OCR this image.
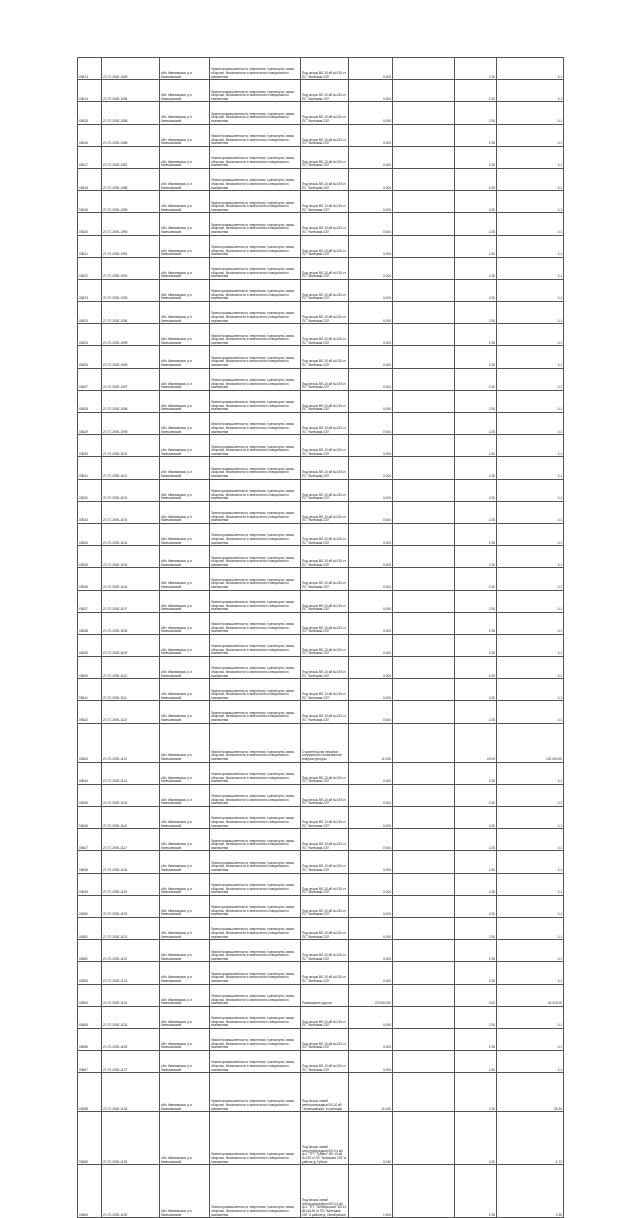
03613	27-07-2000-1083	обл. Ивановская, р-н Кинешемский	Земли промышленности, энергетики, транспорта, связи, обороны, безопасности и земли иного специального назначения	Под опоры ВЛ-10 кВ №130 от ПС "Кинешма 220"	0,004		2,30	0,1
03614	27-07-2000-1084	обл. Ивановская, р-н Кинешемский	Земли промышленности, энергетики, транспорта, связи, обороны, безопасности и земли иного специального назначения	Под опоры ВЛ-10 кВ №130 от ПС "Кинешма 220"	0,004		2,30	0,1
03615	27-07-2000-1085	обл. Ивановская, р-н Кинешемский	Земли промышленности, энергетики, транспорта, связи, обороны, безопасности и земли иного специального назначения	Под опоры ВЛ-10 кВ №130 от ПС "Кинешма 220"	0,004		2,30	0,1
03616	27-07-2000-1086	обл. Ивановская, р-н Кинешемский	Земли промышленности, энергетики, транспорта, связи, обороны, безопасности и земли иного специального назначения	Под опоры ВЛ-10 кВ №130 от ПС "Кинешма 220"	0,004		2,30	0,1
03617	27-07-2000-1087	обл. Ивановская, р-н Кинешемский	Земли промышленности, энергетики, транспорта, связи, обороны, безопасности и земли иного специального назначения	Под опоры ВЛ-10 кВ №130 от ПС "Кинешма 220"	0,004		2,30	0,1
03618	27-07-2000-1088	обл. Ивановская, р-н Кинешемский	Земли промышленности, энергетики, транспорта, связи, обороны, безопасности и земли иного специального назначения	Под опоры ВЛ-10 кВ №130 от ПС "Кинешма 220"	0,004		2,30	0,1
03619	27-07-2000-1089	обл. Ивановская, р-н Кинешемский	Земли промышленности, энергетики, транспорта, связи, обороны, безопасности и земли иного специального назначения	Под опоры ВЛ-10 кВ №130 от ПС "Кинешма 220"	0,004		2,30	0,1
03620	27-07-2000-1090	обл. Ивановская, р-н Кинешемский	Земли промышленности, энергетики, транспорта, связи, обороны, безопасности и земли иного специального назначения	Под опоры ВЛ-10 кВ №130 от ПС "Кинешма 220"	0,004		2,30	0,1
03621	27-07-2000-1091	обл. Ивановская, р-н Кинешемский	Земли промышленности, энергетики, транспорта, связи, обороны, безопасности и земли иного специального назначения	Под опоры ВЛ-10 кВ №130 от ПС "Кинешма 220"	0,004		2,30	0,1
03622	27-07-2000-1092	обл. Ивановская, р-н Кинешемский	Земли промышленности, энергетики, транспорта, связи, обороны, безопасности и земли иного специального назначения	Под опоры ВЛ-10 кВ №130 от ПС "Кинешма 220"	0,004		2,30	0,1
03623	27-07-2000-1093	обл. Ивановская, р-н Кинешемский	Земли промышленности, энергетики, транспорта, связи, обороны, безопасности и земли иного специального назначения	Под опоры ВЛ-10 кВ №130 от ПС "Кинешма 220"	0,004		2,30	0,1
03624	27-07-2000-1094	обл. Ивановская, р-н Кинешемский	Земли промышленности, энергетики, транспорта, связи, обороны, безопасности и земли иного специального назначения	Под опоры ВЛ-10 кВ №130 от ПС "Кинешма 220"	0,004		2,30	0,1
03625	27-07-2000-1095	обл. Ивановская, р-н Кинешемский	Земли промышленности, энергетики, транспорта, связи, обороны, безопасности и земли иного специального назначения	Под опоры ВЛ-10 кВ №130 от ПС "Кинешма 220"	0,004		2,30	0,1
03626	27-07-2000-1096	обл. Ивановская, р-н Кинешемский	Земли промышленности, энергетики, транспорта, связи, обороны, безопасности и земли иного специального назначения	Под опоры ВЛ-10 кВ №130 от ПС "Кинешма 220"	0,004		2,30	0,1
03627	27-07-2000-1097	обл. Ивановская, р-н Кинешемский	Земли промышленности, энергетики, транспорта, связи, обороны, безопасности и земли иного специального назначения	Под опоры ВЛ-10 кВ №130 от ПС "Кинешма 220"	0,004		2,30	0,1
03628	27-07-2000-1098	обл. Ивановская, р-н Кинешемский	Земли промышленности, энергетики, транспорта, связи, обороны, безопасности и земли иного специального назначения	Под опоры ВЛ-10 кВ №130 от ПС "Кинешма 220"	0,004		2,30	0,1
03629	27-07-2000-1099	обл. Ивановская, р-н Кинешемский	Земли промышленности, энергетики, транспорта, связи, обороны, безопасности и земли иного специального назначения	Под опоры ВЛ-10 кВ №130 от ПС "Кинешма 220"	0,004		2,30	0,1
03630	27-07-2000-1100	обл. Ивановская, р-н Кинешемский	Земли промышленности, энергетики, транспорта, связи, обороны, безопасности и земли иного специального назначения	Под опоры ВЛ-10 кВ №130 от ПС "Кинешма 220"	0,004		2,30	0,1
03631	27-07-2000-1101	обл. Ивановская, р-н Кинешемский	Земли промышленности, энергетики, транспорта, связи, обороны, безопасности и земли иного специального назначения	Под опоры ВЛ-10 кВ №130 от ПС "Кинешма 220"	0,004		2,30	0,1
03632	27-07-2000-1102	обл. Ивановская, р-н Кинешемский	Земли промышленности, энергетики, транспорта, связи, обороны, безопасности и земли иного специального назначения	Под опоры ВЛ-10 кВ №130 от ПС "Кинешма 220"	0,004		2,30	0,1
03633	27-07-2000-1103	обл. Ивановская, р-н Кинешемский	Земли промышленности, энергетики, транспорта, связи, обороны, безопасности и земли иного специального назначения	Под опоры ВЛ-10 кВ №130 от ПС "Кинешма 220"	0,004		2,30	0,1
03634	27-07-2000-1104	обл. Ивановская, р-н Кинешемский	Земли промышленности, энергетики, транспорта, связи, обороны, безопасности и земли иного специального назначения	Под опоры ВЛ-10 кВ №130 от ПС "Кинешма 220"	0,004		2,30	0,1
03635	27-07-2000-1105	обл. Ивановская, р-н Кинешемский	Земли промышленности, энергетики, транспорта, связи, обороны, безопасности и земли иного специального назначения	Под опоры ВЛ-10 кВ №130 от ПС "Кинешма 220"	0,004		2,30	0,1
03636	27-07-2000-1106	обл. Ивановская, р-н Кинешемский	Земли промышленности, энергетики, транспорта, связи, обороны, безопасности и земли иного специального назначения	Под опоры ВЛ-10 кВ №130 от ПС "Кинешма 220"	0,004		2,30	0,1
03637	27-07-2000-1107	обл. Ивановская, р-н Кинешемский	Земли промышленности, энергетики, транспорта, связи, обороны, безопасности и земли иного специального назначения	Под опоры ВЛ-10 кВ №130 от ПС "Кинешма 220"	0,004		2,30	0,1
03638	27-07-2000-1108	обл. Ивановская, р-н Кинешемский	Земли промышленности, энергетики, транспорта, связи, обороны, безопасности и земли иного специального назначения	Под опоры ВЛ-10 кВ №130 от ПС "Кинешма 220"	0,004		2,30	0,1
03639	27-07-2000-1109	обл. Ивановская, р-н Кинешемский	Земли промышленности, энергетики, транспорта, связи, обороны, безопасности и земли иного специального назначения	Под опоры ВЛ-10 кВ №130 от ПС "Кинешма 220"	0,004		2,30	0,1
03640	27-07-2000-1110	обл. Ивановская, р-н Кинешемский	Земли промышленности, энергетики, транспорта, связи, обороны, безопасности и земли иного специального назначения	Под опоры ВЛ-10 кВ №130 от ПС "Кинешма 220"	0,004		2,30	0,1
03641	27-07-2000-1111	обл. Ивановская, р-н Кинешемский	Земли промышленности, энергетики, транспорта, связи, обороны, безопасности и земли иного специального назначения	Под опоры ВЛ-10 кВ №130 от ПС "Кинешма 220"	0,004		2,30	0,1
03642	27-07-2000-1112	обл. Ивановская, р-н Кинешемский	Земли промышленности, энергетики, транспорта, связи, обороны, безопасности и земли иного специального назначения	Под опоры ВЛ-10 кВ №130 от ПС "Кинешма 220"	0,004		2,30	0,1
03643	27-07-2000-1113	обл. Ивановская, р-н Кинешемский	Земли промышленности, энергетики, транспорта, связи, обороны, безопасности и земли иного специального назначения	Строительство нежилых сооружений и инженерной инфраструктуры	11,000		22,00	242 000,00
03644	27-07-2000-1114	обл. Ивановская, р-н Кинешемский	Земли промышленности, энергетики, транспорта, связи, обороны, безопасности и земли иного специального назначения	Под опоры ВЛ-10 кВ №130 от ПС "Кинешма 220"	0,004		2,30	0,1
03645	27-07-2000-1115	обл. Ивановская, р-н Кинешемский	Земли промышленности, энергетики, транспорта, связи, обороны, безопасности и земли иного специального назначения	Под опоры ВЛ-10 кВ №130 от ПС "Кинешма 220"	0,004		2,30	0,1
03646	27-07-2000-1116	обл. Ивановская, р-н Кинешемский	Земли промышленности, энергетики, транспорта, связи, обороны, безопасности и земли иного специального назначения	Под опоры ВЛ-10 кВ №130 от ПС "Кинешма 220"	0,004		2,30	0,1
03647	27-07-2000-1117	обл. Ивановская, р-н Кинешемский	Земли промышленности, энергетики, транспорта, связи, обороны, безопасности и земли иного специального назначения	Под опоры ВЛ-10 кВ №130 от ПС "Кинешма 220"	0,004		2,30	0,1
03648	27-07-2000-1118	обл. Ивановская, р-н Кинешемский	Земли промышленности, энергетики, транспорта, связи, обороны, безопасности и земли иного специального назначения	Под опоры ВЛ-10 кВ №130 от ПС "Кинешма 220"	0,004		2,30	0,1
03649	27-07-2000-1119	обл. Ивановская, р-н Кинешемский	Земли промышленности, энергетики, транспорта, связи, обороны, безопасности и земли иного специального назначения	Под опоры ВЛ-10 кВ №130 от ПС "Кинешма 220"	0,004		2,30	0,1
03650	27-07-2000-1120	обл. Ивановская, р-н Кинешемский	Земли промышленности, энергетики, транспорта, связи, обороны, безопасности и земли иного специального назначения	Под опоры ВЛ-10 кВ №130 от ПС "Кинешма 220"	0,004		2,30	0,1
03651	27-07-2000-1121	обл. Ивановская, р-н Кинешемский	Земли промышленности, энергетики, транспорта, связи, обороны, безопасности и земли иного специального назначения	Под опоры ВЛ-10 кВ №130 от ПС "Кинешма 220"	0,004		2,30	0,1
03652	27-07-2000-1122	обл. Ивановская, р-н Кинешемский	Земли промышленности, энергетики, транспорта, связи, обороны, безопасности и земли иного специального назначения	Под опоры ВЛ-10 кВ №130 от ПС "Кинешма 220"	0,004		2,30	0,1
03653	27-07-2000-1123	обл. Ивановская, р-н Кинешемский	Земли промышленности, энергетики, транспорта, связи, обороны, безопасности и земли иного специального назначения	Под опоры ВЛ-10 кВ №130 от ПС "Кинешма 220"	0,004		2,30	0,1
03654	27-07-2000-1124	обл. Ивановская, р-н Кинешемский	Земли промышленности, энергетики, транспорта, связи, обороны, безопасности и земли иного специального назначения	Размещение дороги	20 000,000		0,00	42 315,00
03655	27-07-2000-1125	обл. Ивановская, р-н Кинешемский	Земли промышленности, энергетики, транспорта, связи, обороны, безопасности и земли иного специального назначения	Под опоры ВЛ-10 кВ №130 от ПС "Кинешма 220"	0,004		2,30	0,1
03656	27-07-2000-1126	обл. Ивановская, р-н Кинешемский	Земли промышленности, энергетики, транспорта, связи, обороны, безопасности и земли иного специального назначения	Под опоры ВЛ-10 кВ №130 от ПС "Кинешма 220"	0,004		2,30	0,1
03657	27-07-2000-1127	обл. Ивановская, р-н Кинешемский	Земли промышленности, энергетики, транспорта, связи, обороны, безопасности и земли иного специального назначения	Под опоры ВЛ-10 кВ №130 от ПС "Кинешма 220"	0,004		2,30	0,1
03658	27-07-2000-1128	обл. Ивановская, р-н Кинешемский	Земли промышленности, энергетики, транспорта, связи, обороны, безопасности и земли иного специального назначения	Под опоры линий электропередачи ВЛ-10 кВ "Зеленцовская" в границах	11,000		2,30	25,30
03659	27-07-2000-1129	обл. Ивановская, р-н Кинешемский	Земли промышленности, энергетики, транспорта, связи, обороны, безопасности и земли иного специального назначения	Под опоры линий электропередачи ВЛ-0,4 кВ ф.1 "ТП" "Губино" ВЛ-10 кВ №130 от ПС "Кинешма 220" в районе д. Губино	0,040		2,30	1,72
03660	27-07-2000-1130	обл. Ивановская, р-н Кинешемский	Земли промышленности, энергетики, транспорта, связи, обороны, безопасности и земли иного специального назначения	Под опоры линий электропередачи ВЛ-0,4 кВ ф.1 "ТП" "Октябрьская" ВЛ-10 кВ №130 от ПС "Кинешма 220" в районе д. Октябрьское	1,004		2,30	2,26
